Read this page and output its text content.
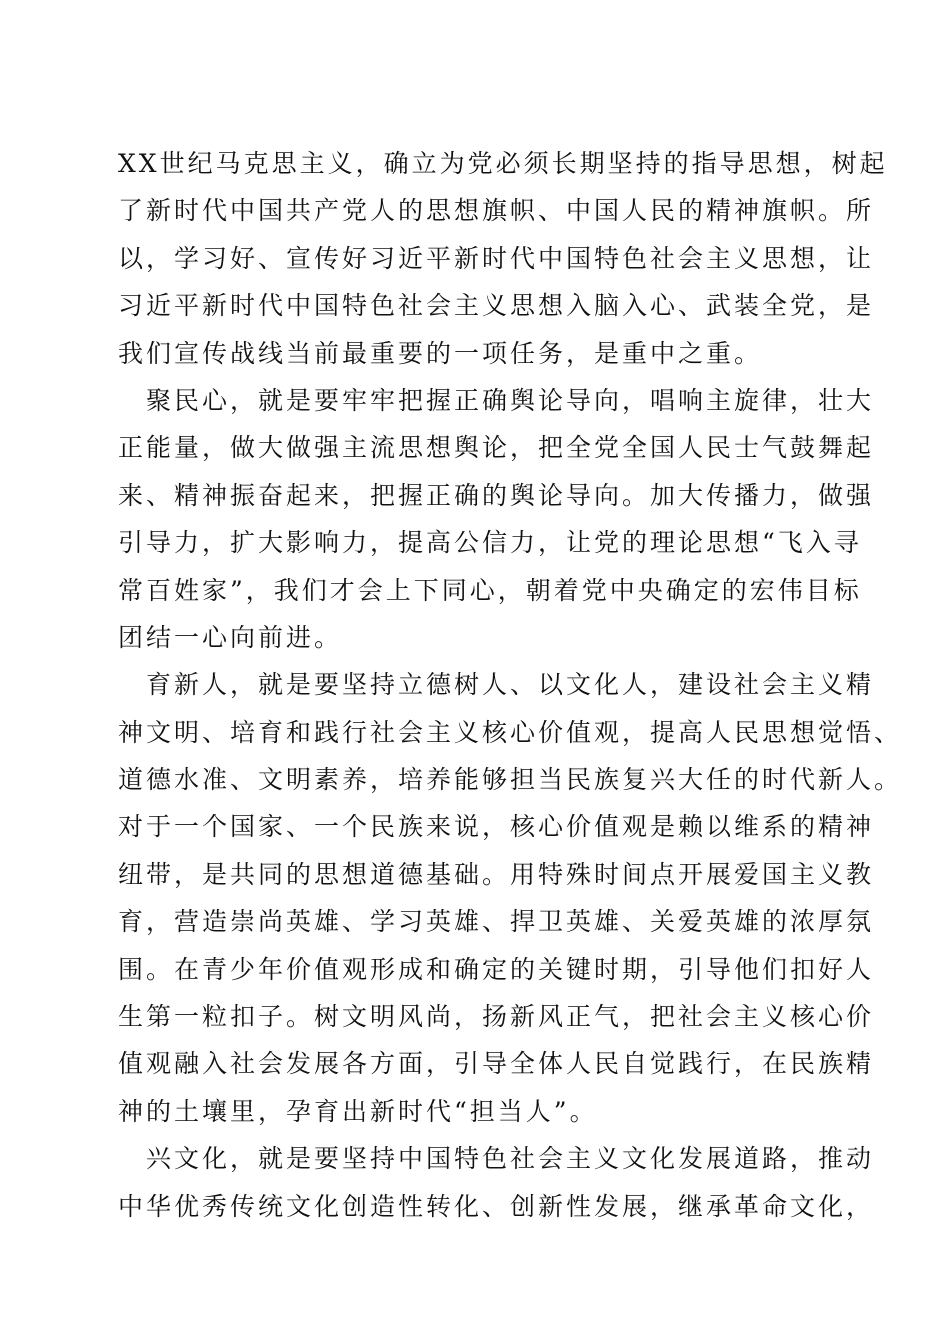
XX世纪马克思主义，确立为党必须长期坚持的指导思想，树起
了新时代中国共产党人的思想旗帜、中国人民的精神旗帜。所
以，学习好、宣传好习近平新时代中国特色社会主义思想，让
习近平新时代中国特色社会主义思想入脑入心、武装全党，是
我们宣传战线当前最重要的一项任务，是重中之重。
　聚民心，就是要牢牢把握正确舆论导向，唱响主旋律，壮大
正能量，做大做强主流思想舆论，把全党全国人民士气鼓舞起
来、精神振奋起来，把握正确的舆论导向。加大传播力，做强
引导力，扩大影响力，提高公信力，让党的理论思想“飞入寻
常百姓家”，我们才会上下同心，朝着党中央确定的宏伟目标
团结一心向前进。
　育新人，就是要坚持立德树人、以文化人，建设社会主义精
神文明、培育和践行社会主义核心价值观，提高人民思想觉悟、
道德水准、文明素养，培养能够担当民族复兴大任的时代新人。
对于一个国家、一个民族来说，核心价值观是赖以维系的精神
纽带，是共同的思想道德基础。用特殊时间点开展爱国主义教
育，营造崇尚英雄、学习英雄、捍卫英雄、关爱英雄的浓厚氛
围。在青少年价值观形成和确定的关键时期，引导他们扣好人
生第一粒扣子。树文明风尚，扬新风正气，把社会主义核心价
值观融入社会发展各方面，引导全体人民自觉践行，在民族精
神的土壤里，孕育出新时代“担当人”。
　兴文化，就是要坚持中国特色社会主义文化发展道路，推动
中华优秀传统文化创造性转化、创新性发展，继承革命文化，
